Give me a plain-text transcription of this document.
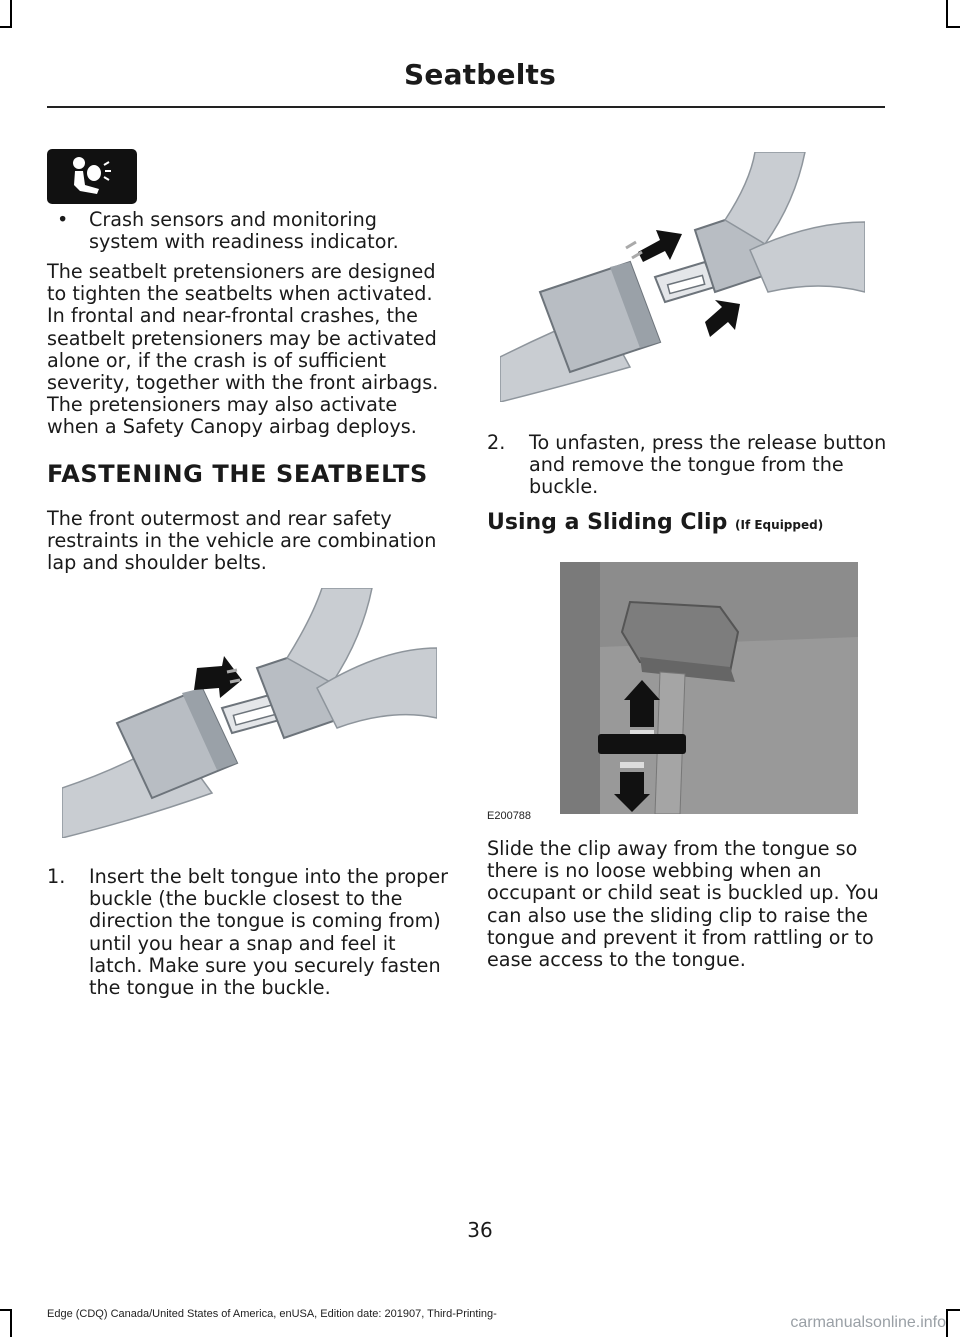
Seatbelts
•	Crash sensors and monitoring system with readiness indicator.
The seatbelt pretensioners are designed to tighten the seatbelts when activated. In frontal and near-frontal crashes, the seatbelt pretensioners may be activated alone or, if the crash is of sufficient severity, together with the front airbags. The pretensioners may also activate when a Safety Canopy airbag deploys.
FASTENING THE SEATBELTS
The front outermost and rear safety restraints in the vehicle are combination lap and shoulder belts.
1.	Insert the belt tongue into the proper buckle (the buckle closest to the direction the tongue is coming from) until you hear a snap and feel it latch. Make sure you securely fasten the tongue in the buckle.
2.	To unfasten, press the release button and remove the tongue from the buckle.
Using a Sliding Clip (If Equipped)
E200788
Slide the clip away from the tongue so there is no loose webbing when an occupant or child seat is buckled up. You can also use the sliding clip to raise the tongue and prevent it from rattling or to ease access to the tongue.
36
Edge (CDQ) Canada/United States of America, enUSA, Edition date: 201907, Third-Printing-	carmanualsonline.info
